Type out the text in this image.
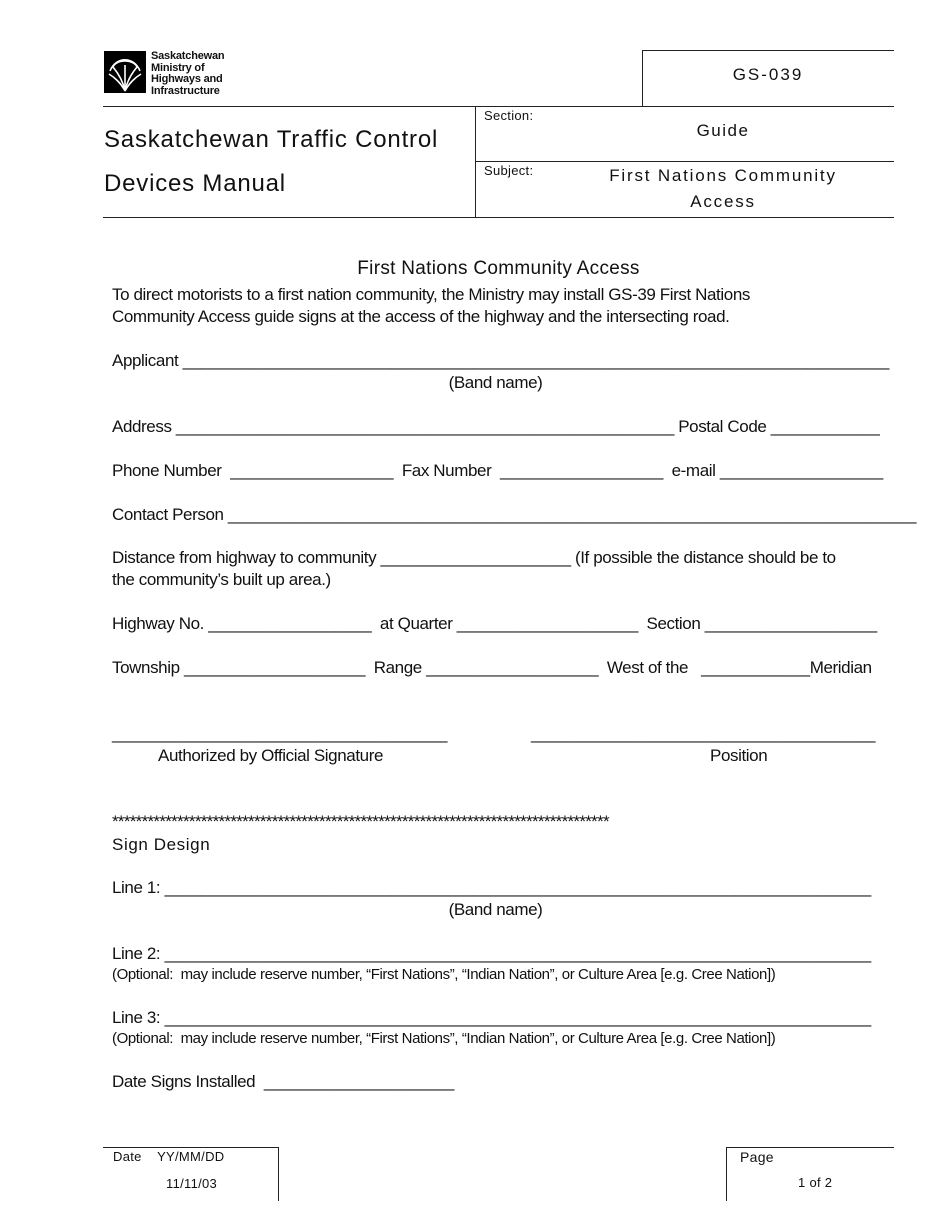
Saskatchewan
Ministry of
Highways and
Infrastructure
GS-039
Saskatchewan Traffic Control
Devices Manual
Section:
Guide
Subject:	First Nations Community
Access
First Nations Community Access
To direct motorists to a first nation community, the Ministry may install GS-39 First Nations
Community Access guide signs at the access of the highway and the intersecting road.
Applicant ______________________________________________________________________________
(Band name)
Address _______________________________________________________ Postal Code ____________
Phone Number  __________________  Fax Number  __________________  e-mail __________________
Contact Person ____________________________________________________________________________
Distance from highway to community _____________________ (If possible the distance should be to
the community’s built up area.)
Highway No. __________________  at Quarter ____________________  Section ___________________
Township ____________________  Range ___________________  West of the   ____________Meridian
_____________________________________	______________________________________
Authorized by Official Signature	Position
************************************************************************************
Sign Design
Line 1: ______________________________________________________________________________
(Band name)
Line 2: ______________________________________________________________________________
(Optional:  may include reserve number, “First Nations”, “Indian Nation”, or Culture Area [e.g. Cree Nation])
Line 3: ______________________________________________________________________________
(Optional:  may include reserve number, “First Nations”, “Indian Nation”, or Culture Area [e.g. Cree Nation])
Date Signs Installed  _____________________
Date    YY/MM/DD
11/11/03
Page
1 of 2
